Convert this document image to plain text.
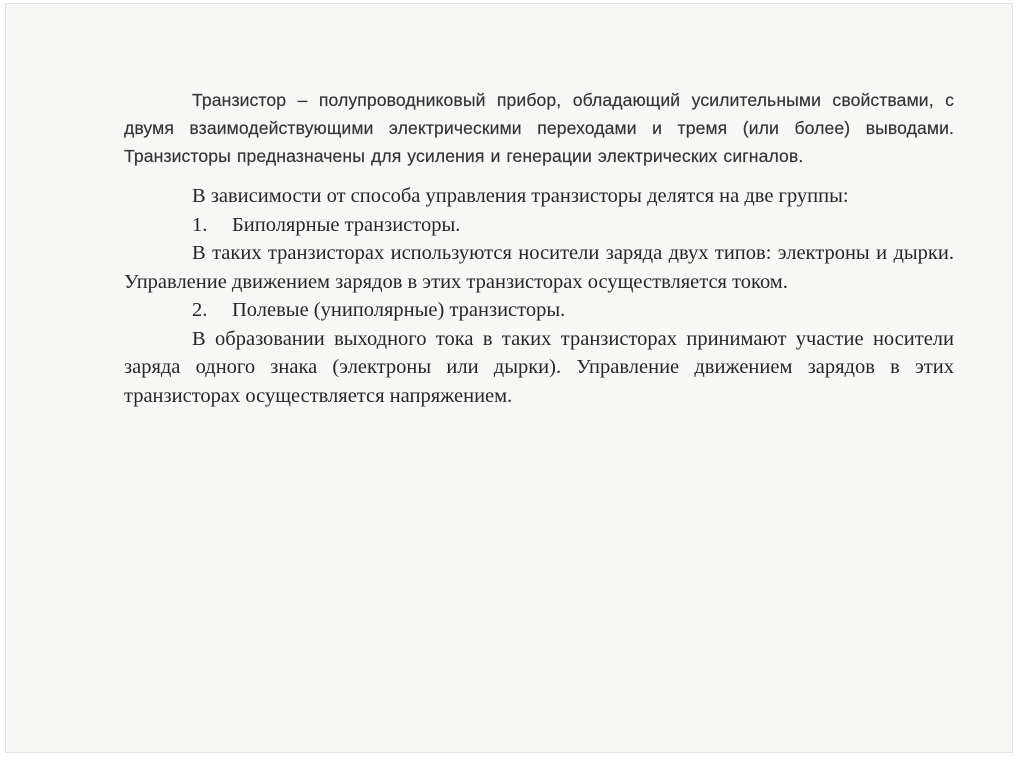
Транзистор – полупроводниковый прибор, обладающий усилительными свойствами, с двумя взаимодействующими электрическими переходами и тремя (или более) выводами. Транзисторы предназначены для усиления и генерации электрических сигналов.

В зависимости от способа управления транзисторы делятся на две группы:

1. Биполярные транзисторы.

В таких транзисторах используются носители заряда двух типов: электроны и дырки. Управление движением зарядов в этих транзисторах осуществляется током.

2. Полевые (униполярные) транзисторы.

В образовании выходного тока в таких транзисторах принимают участие носители заряда одного знака (электроны или дырки). Управление движением зарядов в этих транзисторах осуществляется напряжением.
